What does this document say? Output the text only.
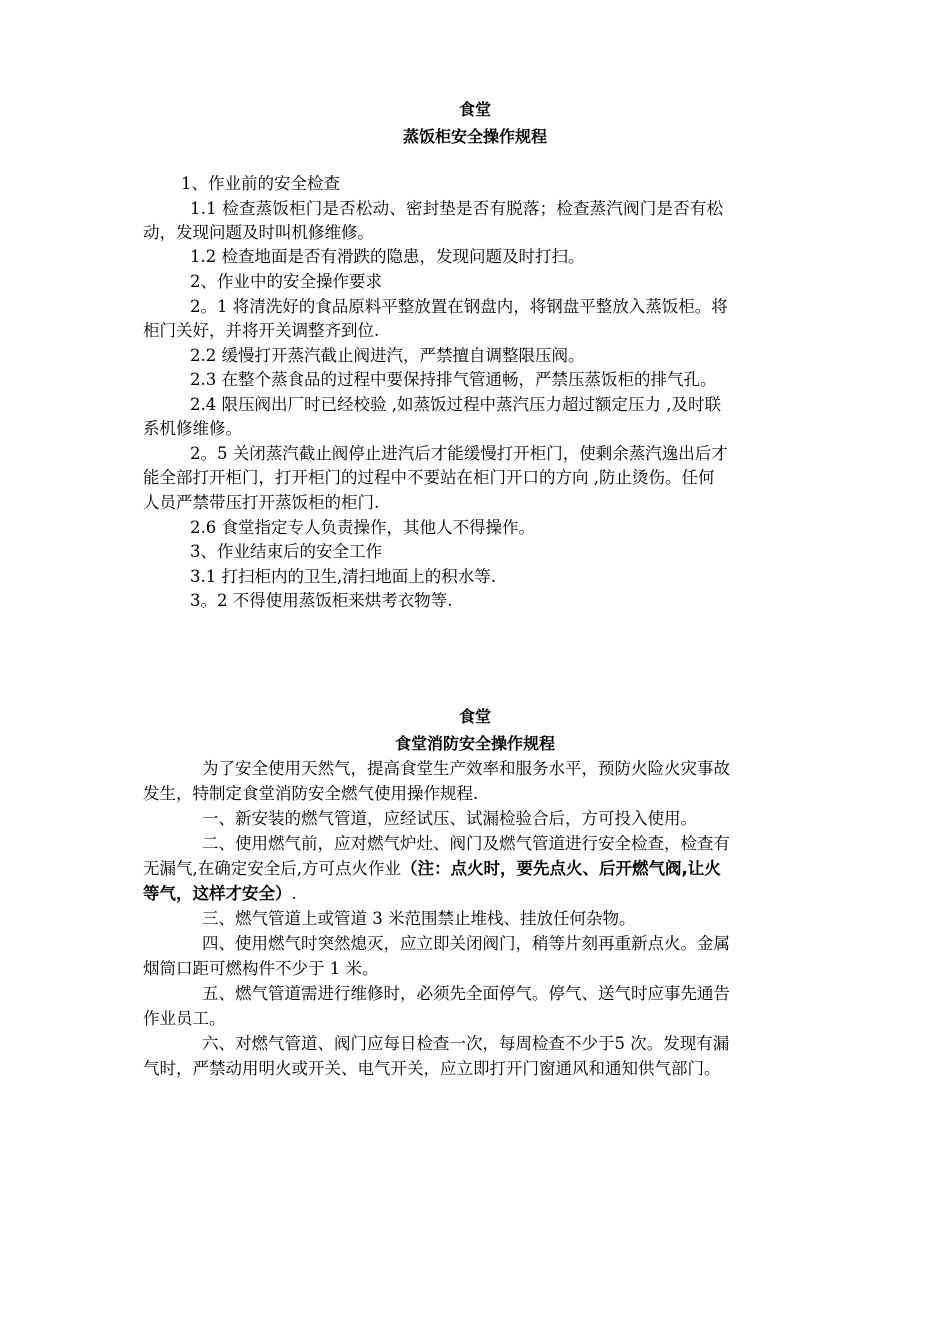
食堂
蒸饭柜安全操作规程
1、作业前的安全检查
1.1 检查蒸饭柜门是否松动、密封垫是否有脱落；检查蒸汽阀门是否有松
动，发现问题及时叫机修维修。
1.2 检查地面是否有滑跌的隐患，发现问题及时打扫。
2、作业中的安全操作要求
2。1 将清洗好的食品原料平整放置在钢盘内，将钢盘平整放入蒸饭柜。将
柜门关好，并将开关调整齐到位.
2.2 缓慢打开蒸汽截止阀进汽，严禁擅自调整限压阀。
2.3 在整个蒸食品的过程中要保持排气管通畅，严禁压蒸饭柜的排气孔。
2.4 限压阀出厂时已经校验 ,如蒸饭过程中蒸汽压力超过额定压力 ,及时联
系机修维修。
2。5 关闭蒸汽截止阀停止进汽后才能缓慢打开柜门，使剩余蒸汽逸出后才
能全部打开柜门，打开柜门的过程中不要站在柜门开口的方向 ,防止烫伤。任何
人员严禁带压打开蒸饭柜的柜门.
2.6 食堂指定专人负责操作，其他人不得操作。
3、作业结束后的安全工作
3.1 打扫柜内的卫生,清扫地面上的积水等.
3。2 不得使用蒸饭柜来烘考衣物等.
食堂
食堂消防安全操作规程
为了安全使用天然气，提高食堂生产效率和服务水平，预防火险火灾事故
发生，特制定食堂消防安全燃气使用操作规程.
一、新安装的燃气管道，应经试压、试漏检验合后，方可投入使用。
二、使用燃气前，应对燃气炉灶、阀门及燃气管道进行安全检查，检查有
无漏气,在确定安全后,方可点火作业（注：点火时，要先点火、后开燃气阀,让火
等气，这样才安全）.
三、燃气管道上或管道 3 米范围禁止堆栈、挂放任何杂物。
四、使用燃气时突然熄灭，应立即关闭阀门，稍等片刻再重新点火。金属
烟筒口距可燃构件不少于 1 米。
五、燃气管道需进行维修时，必须先全面停气。停气、送气时应事先通告
作业员工。
六、对燃气管道、阀门应每日检查一次，每周检查不少于5 次。发现有漏
气时，严禁动用明火或开关、电气开关，应立即打开门窗通风和通知供气部门。
